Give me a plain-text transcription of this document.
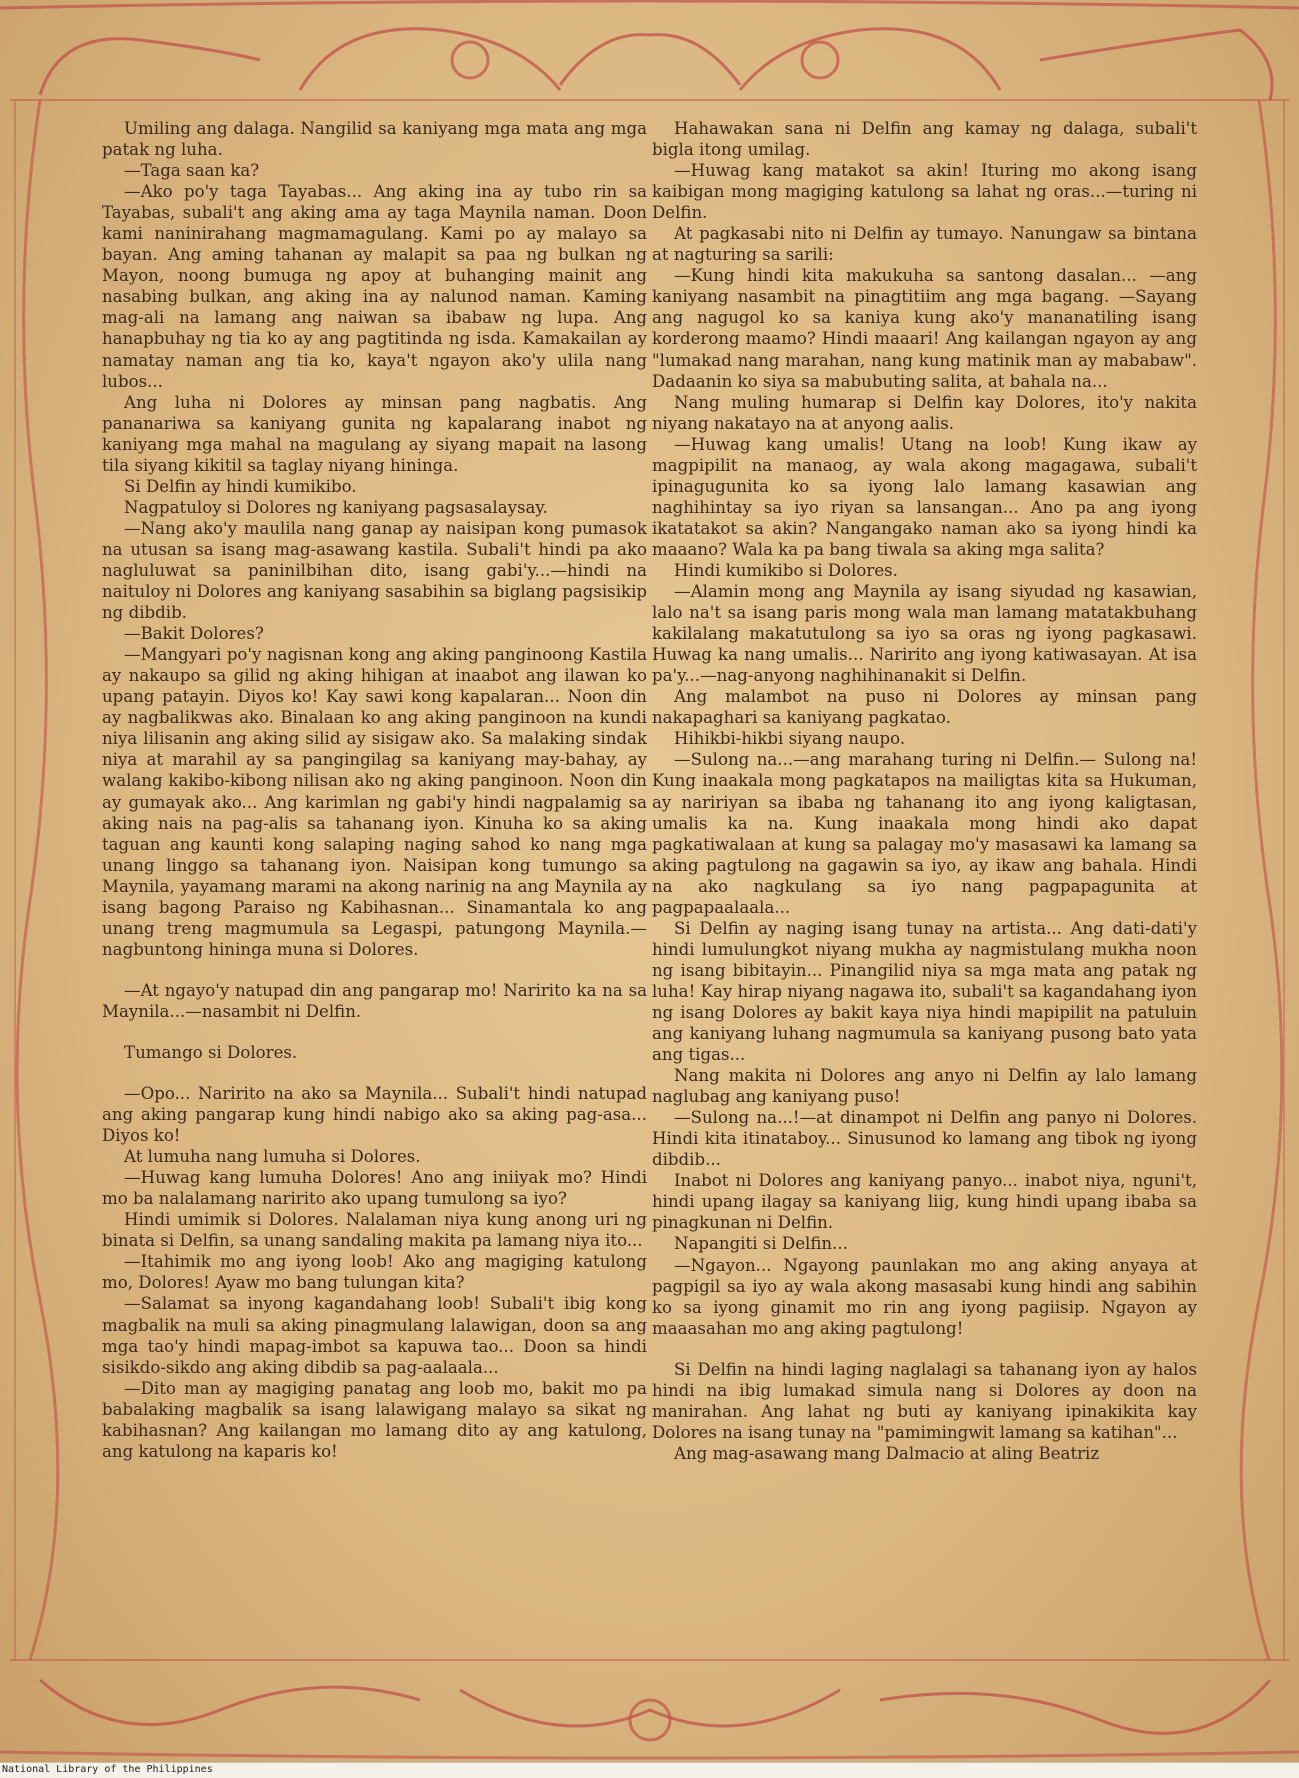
Umiling ang dalaga. Nangilid sa kaniyang mga mata ang mga patak ng luha.

—Taga saan ka?

—Ako po'y taga Tayabas... Ang aking ina ay tubo rin sa Tayabas, subali't ang aking ama ay taga Maynila naman. Doon kami naninirahang magmamagulang. Kami po ay malayo sa bayan. Ang aming tahanan ay malapit sa paa ng bulkan ng Mayon, noong bumuga ng apoy at buhanging mainit ang nasabing bulkan, ang aking ina ay nalunod naman. Kaming mag-ali na lamang ang naiwan sa ibabaw ng lupa. Ang hanapbuhay ng tia ko ay ang pagtitinda ng isda. Kamakailan ay namatay naman ang tia ko, kaya't ngayon ako'y ulila nang lubos...

Ang luha ni Dolores ay minsan pang nagbatis. Ang pananariwa sa kaniyang gunita ng kapalarang inabot ng kaniyang mga mahal na magulang ay siyang mapait na lasong tila siyang kikitil sa taglay niyang hininga.

Si Delfin ay hindi kumikibo.

Nagpatuloy si Dolores ng kaniyang pagsasalaysay.

—Nang ako'y maulila nang ganap ay naisipan kong pumasok na utusan sa isang mag-asawang kastila. Subali't hindi pa ako nagluluwat sa paninilbihan dito, isang gabi'y...—hindi na naituloy ni Dolores ang kaniyang sasabihin sa biglang pagsisikip ng dibdib.

—Bakit Dolores?

—Mangyari po'y nagisnan kong ang aking panginoong Kastila ay nakaupo sa gilid ng aking hihigan at inaabot ang ilawan ko upang patayin. Diyos ko! Kay sawi kong kapalaran... Noon din ay nagbalikwas ako. Binalaan ko ang aking panginoon na kundi niya lilisanin ang aking silid ay sisigaw ako. Sa malaking sindak niya at marahil ay sa pangingilag sa kaniyang may-bahay, ay walang kakibo-kibong nilisan ako ng aking panginoon. Noon din ay gumayak ako... Ang karimlan ng gabi'y hindi nagpalamig sa aking nais na pag-alis sa tahanang iyon. Kinuha ko sa aking taguan ang kaunti kong salaping naging sahod ko nang mga unang linggo sa tahanang iyon. Naisipan kong tumungo sa Maynila, yayamang marami na akong narinig na ang Maynila ay isang bagong Paraiso ng Kabihasnan... Sinamantala ko ang unang treng magmumula sa Legaspi, patungong Maynila.—nagbuntong hininga muna si Dolores.

—At ngayo'y natupad din ang pangarap mo! Naririto ka na sa Maynila...—nasambit ni Delfin.

Tumango si Dolores.

—Opo... Naririto na ako sa Maynila... Subali't hindi natupad ang aking pangarap kung hindi nabigo ako sa aking pag-asa... Diyos ko!

At lumuha nang lumuha si Dolores.

—Huwag kang lumuha Dolores! Ano ang iniiyak mo? Hindi mo ba nalalamang naririto ako upang tumulong sa iyo?

Hindi umimik si Dolores. Nalalaman niya kung anong uri ng binata si Delfin, sa unang sandaling makita pa lamang niya ito...

—Itahimik mo ang iyong loob! Ako ang magiging katulong mo, Dolores! Ayaw mo bang tulungan kita?

—Salamat sa inyong kagandahang loob! Subali't ibig kong magbalik na muli sa aking pinagmulang lalawigan, doon sa ang mga tao'y hindi mapag-imbot sa kapuwa tao... Doon sa hindi sisikdo-sikdo ang aking dibdib sa pag-aalaala...

—Dito man ay magiging panatag ang loob mo, bakit mo pa babalaking magbalik sa isang lalawigang malayo sa sikat ng kabihasnan? Ang kailangan mo lamang dito ay ang katulong, ang katulong na kaparis ko!

Hahawakan sana ni Delfin ang kamay ng dalaga, subali't bigla itong umilag.

—Huwag kang matakot sa akin! Ituring mo akong isang kaibigan mong magiging katulong sa lahat ng oras...—turing ni Delfin.

At pagkasabi nito ni Delfin ay tumayo. Nanungaw sa bintana at nagturing sa sarili:

—Kung hindi kita makukuha sa santong dasalan... —ang kaniyang nasambit na pinagtitiim ang mga bagang. —Sayang ang nagugol ko sa kaniya kung ako'y mananatiling isang korderong maamo? Hindi maaari! Ang kailangan ngayon ay ang "lumakad nang marahan, nang kung matinik man ay mababaw". Dadaanin ko siya sa mabubuting salita, at bahala na...

Nang muling humarap si Delfin kay Dolores, ito'y nakita niyang nakatayo na at anyong aalis.

—Huwag kang umalis! Utang na loob! Kung ikaw ay magpipilit na manaog, ay wala akong magagawa, subali't ipinagugunita ko sa iyong lalo lamang kasawian ang naghihintay sa iyo riyan sa lansangan... Ano pa ang iyong ikatatakot sa akin? Nangangako naman ako sa iyong hindi ka maaano? Wala ka pa bang tiwala sa aking mga salita?

Hindi kumikibo si Dolores.

—Alamin mong ang Maynila ay isang siyudad ng kasawian, lalo na't sa isang paris mong wala man lamang matatakbuhang kakilalang makatutulong sa iyo sa oras ng iyong pagkasawi. Huwag ka nang umalis... Naririto ang iyong katiwasayan. At isa pa'y...—nag-anyong naghihinanakit si Delfin.

Ang malambot na puso ni Dolores ay minsan pang nakapaghari sa kaniyang pagkatao.

Hihikbi-hikbi siyang naupo.

—Sulong na...—ang marahang turing ni Delfin.— Sulong na! Kung inaakala mong pagkatapos na mailigtas kita sa Hukuman, ay naririyan sa ibaba ng tahanang ito ang iyong kaligtasan, umalis ka na. Kung inaakala mong hindi ako dapat pagkatiwalaan at kung sa palagay mo'y masasawi ka lamang sa aking pagtulong na gagawin sa iyo, ay ikaw ang bahala. Hindi na ako nagkulang sa iyo nang pagpapagunita at pagpapaalaala...

Si Delfin ay naging isang tunay na artista... Ang dati-dati'y hindi lumulungkot niyang mukha ay nagmistulang mukha noon ng isang bibitayin... Pinangilid niya sa mga mata ang patak ng luha! Kay hirap niyang nagawa ito, subali't sa kagandahang iyon ng isang Dolores ay bakit kaya niya hindi mapipilit na patuluin ang kaniyang luhang nagmumula sa kaniyang pusong bato yata ang tigas...

Nang makita ni Dolores ang anyo ni Delfin ay lalo lamang naglubag ang kaniyang puso!

—Sulong na...!—at dinampot ni Delfin ang panyo ni Dolores. Hindi kita itinataboy... Sinusunod ko lamang ang tibok ng iyong dibdib...

Inabot ni Dolores ang kaniyang panyo... inabot niya, nguni't, hindi upang ilagay sa kaniyang liig, kung hindi upang ibaba sa pinagkunan ni Delfin.

Napangiti si Delfin...

—Ngayon... Ngayong paunlakan mo ang aking anyaya at pagpigil sa iyo ay wala akong masasabi kung hindi ang sabihin ko sa iyong ginamit mo rin ang iyong pagiisip. Ngayon ay maaasahan mo ang aking pagtulong!

Si Delfin na hindi laging naglalagi sa tahanang iyon ay halos hindi na ibig lumakad simula nang si Dolores ay doon na manirahan. Ang lahat ng buti ay kaniyang ipinakikita kay Dolores na isang tunay na "pamimingwit lamang sa katihan"...

Ang mag-asawang mang Dalmacio at aling Beatriz

National Library of the Philippines
